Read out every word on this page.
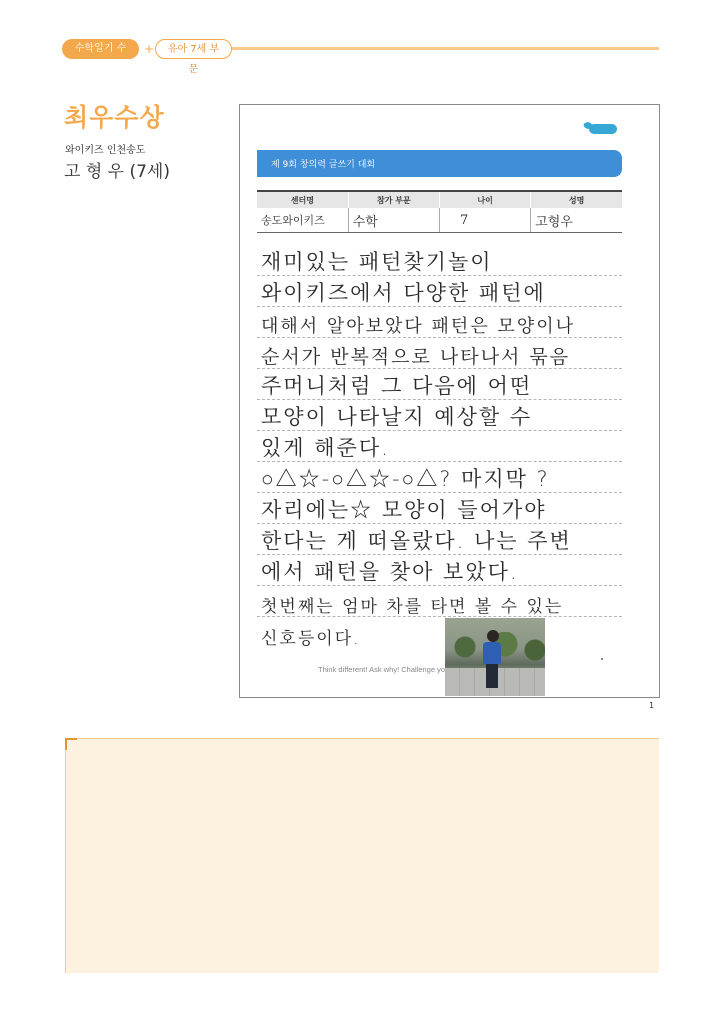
수학일기 수상작
+	유아 7세 부문
최우수상
와이키즈 인천송도
고 형 우 (7세)	제 9회 창의력 글쓰기 대회
센터명	참가 부문	나이	성명
송도와이키즈	수학	7	고형우
재미있는 패턴찾기놀이
와이키즈에서 다양한 패턴에
대해서 알아보았다 패턴은 모양이나
순서가 반복적으로 나타나서 묶음
주머니처럼 그 다음에 어떤
모양이 나타날지 예상할 수
있게 해준다.
○△☆-○△☆-○△? 마지막 ?
자리에는☆ 모양이 들어가야
한다는 게 떠올랐다. 나는 주변
에서 패턴을 찾아 보았다.
첫번째는 엄마 차를 타면 볼 수 있는
신호등이다.
Think different! Ask why! Challenge yo
1
